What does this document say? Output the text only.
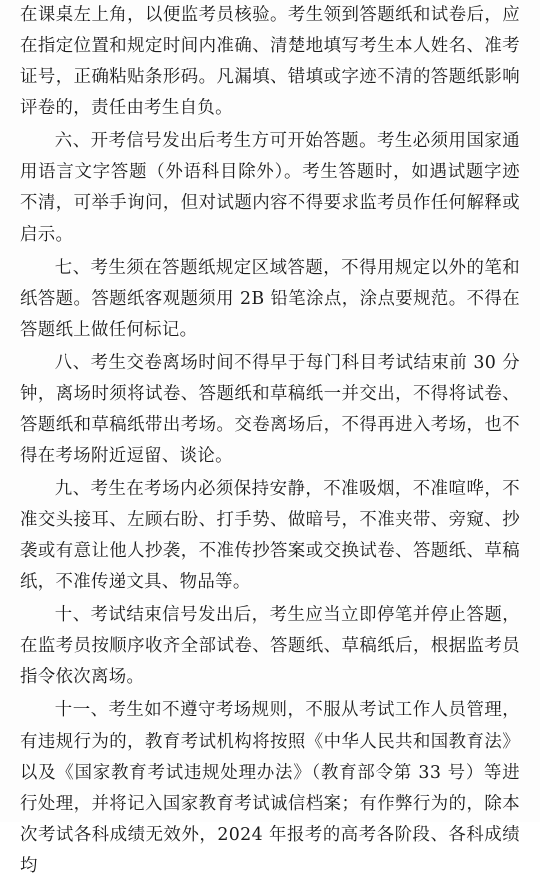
在课桌左上角，以便监考员核验。考生领到答题纸和试卷后，应在指定位置和规定时间内准确、清楚地填写考生本人姓名、准考证号，正确粘贴条形码。凡漏填、错填或字迹不清的答题纸影响评卷的，责任由考生自负。

六、开考信号发出后考生方可开始答题。考生必须用国家通用语言文字答题（外语科目除外）。考生答题时，如遇试题字迹不清，可举手询问，但对试题内容不得要求监考员作任何解释或启示。

七、考生须在答题纸规定区域答题，不得用规定以外的笔和纸答题。答题纸客观题须用 2B 铅笔涂点，涂点要规范。不得在答题纸上做任何标记。

八、考生交卷离场时间不得早于每门科目考试结束前 30 分钟，离场时须将试卷、答题纸和草稿纸一并交出，不得将试卷、答题纸和草稿纸带出考场。交卷离场后，不得再进入考场，也不得在考场附近逗留、谈论。

九、考生在考场内必须保持安静，不准吸烟，不准喧哗，不准交头接耳、左顾右盼、打手势、做暗号，不准夹带、旁窥、抄袭或有意让他人抄袭，不准传抄答案或交换试卷、答题纸、草稿纸，不准传递文具、物品等。

十、考试结束信号发出后，考生应当立即停笔并停止答题，在监考员按顺序收齐全部试卷、答题纸、草稿纸后，根据监考员指令依次离场。

十一、考生如不遵守考场规则，不服从考试工作人员管理，有违规行为的，教育考试机构将按照《中华人民共和国教育法》以及《国家教育考试违规处理办法》（教育部令第 33 号）等进行处理，并将记入国家教育考试诚信档案；有作弊行为的，除本次考试各科成绩无效外，2024 年报考的高考各阶段、各科成绩均
